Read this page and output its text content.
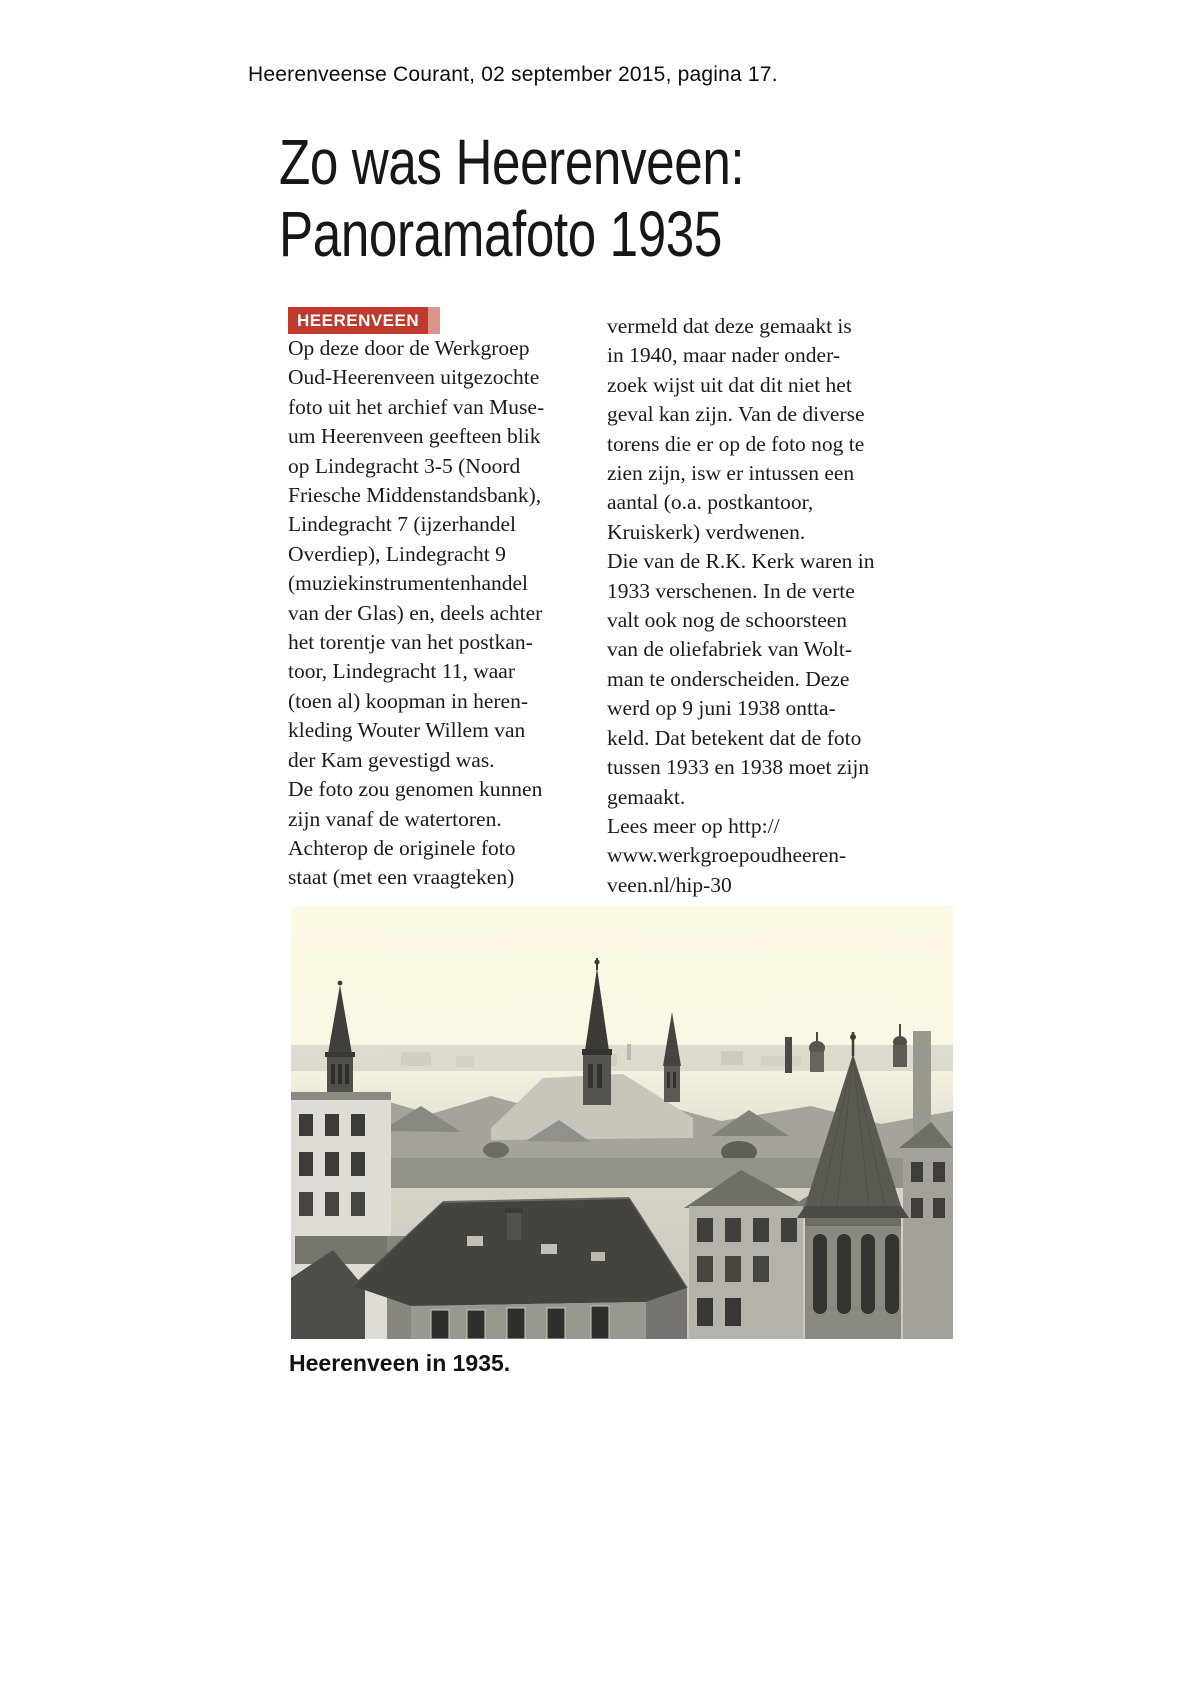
Heerenveense Courant, 02 september 2015, pagina 17.
Zo was Heerenveen:
Panoramafoto 1935
HEERENVEEN
Op deze door de Werkgroep
Oud-Heerenveen uitgezochte
foto uit het archief van Muse-
um Heerenveen geefteen blik
op Lindegracht 3-5 (Noord
Friesche Middenstandsbank),
Lindegracht 7 (ijzerhandel
Overdiep), Lindegracht 9
(muziekinstrumentenhandel
van der Glas) en, deels achter
het torentje van het postkan-
toor, Lindegracht 11, waar
(toen al) koopman in heren-
kleding Wouter Willem van
der Kam gevestigd was.
De foto zou genomen kunnen
zijn vanaf de watertoren.
Achterop de originele foto
staat (met een vraagteken)
vermeld dat deze gemaakt is
in 1940, maar nader onder-
zoek wijst uit dat dit niet het
geval kan zijn. Van de diverse
torens die er op de foto nog te
zien zijn, isw er intussen een
aantal (o.a. postkantoor,
Kruiskerk) verdwenen.
Die van de R.K. Kerk waren in
1933 verschenen. In de verte
valt ook nog de schoorsteen
van de oliefabriek van Wolt-
man te onderscheiden. Deze
werd op 9 juni 1938 ontta-
keld. Dat betekent dat de foto
tussen 1933 en 1938 moet zijn
gemaakt.
Lees meer op http://
www.werkgroepoudheeren-
veen.nl/hip-30
Heerenveen in 1935.
